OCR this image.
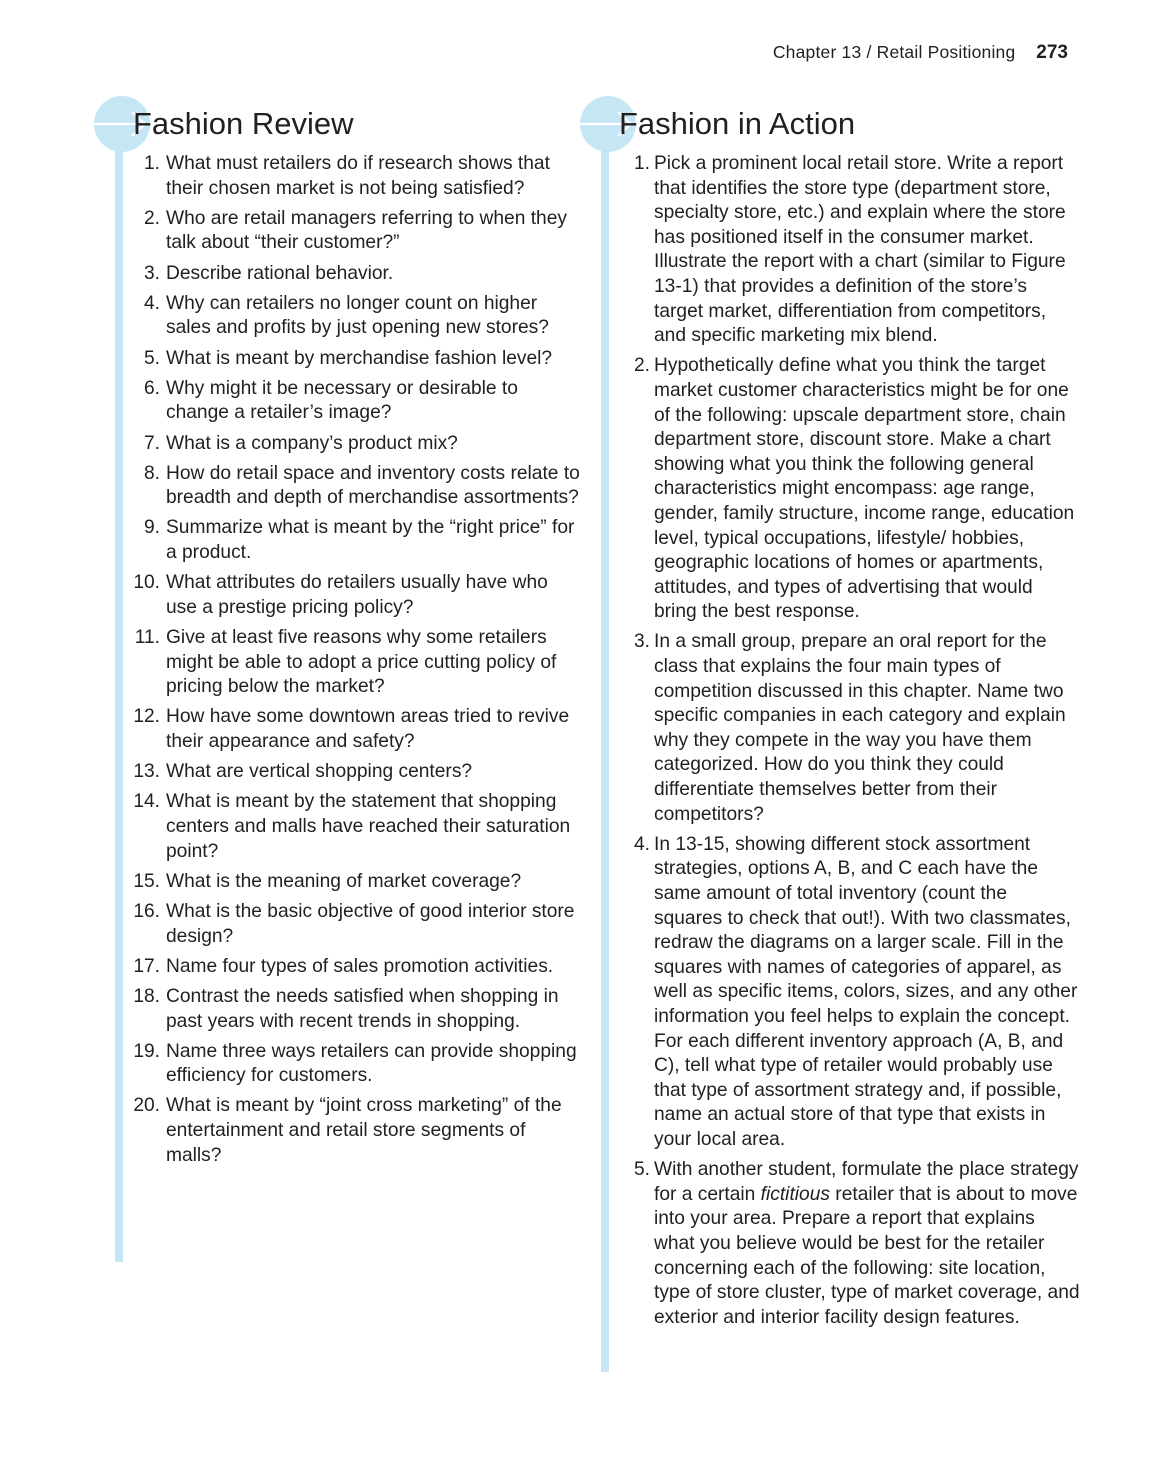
Chapter 13 / Retail Positioning 273
Fashion Review
1. What must retailers do if research shows that their chosen market is not being satisfied?
2. Who are retail managers referring to when they talk about “their customer?”
3. Describe rational behavior.
4. Why can retailers no longer count on higher sales and profits by just opening new stores?
5. What is meant by merchandise fashion level?
6. Why might it be necessary or desirable to change a retailer’s image?
7. What is a company’s product mix?
8. How do retail space and inventory costs relate to breadth and depth of merchandise assortments?
9. Summarize what is meant by the “right price” for a product.
10. What attributes do retailers usually have who use a prestige pricing policy?
11. Give at least five reasons why some retailers might be able to adopt a price cutting policy of pricing below the market?
12. How have some downtown areas tried to revive their appearance and safety?
13. What are vertical shopping centers?
14. What is meant by the statement that shopping centers and malls have reached their saturation point?
15. What is the meaning of market coverage?
16. What is the basic objective of good interior store design?
17. Name four types of sales promotion activities.
18. Contrast the needs satisfied when shopping in past years with recent trends in shopping.
19. Name three ways retailers can provide shopping efficiency for customers.
20. What is meant by “joint cross marketing” of the entertainment and retail store segments of malls?
Fashion in Action
1. Pick a prominent local retail store. Write a report that identifies the store type (department store, specialty store, etc.) and explain where the store has positioned itself in the consumer market. Illustrate the report with a chart (similar to Figure 13-1) that provides a definition of the store’s target market, differentiation from competitors, and specific marketing mix blend.
2. Hypothetically define what you think the target market customer characteristics might be for one of the following: upscale department store, chain department store, discount store. Make a chart showing what you think the following general characteristics might encompass: age range, gender, family structure, income range, education level, typical occupations, lifestyle/ hobbies, geographic locations of homes or apartments, attitudes, and types of advertising that would bring the best response.
3. In a small group, prepare an oral report for the class that explains the four main types of competition discussed in this chapter. Name two specific companies in each category and explain why they compete in the way you have them categorized. How do you think they could differentiate themselves better from their competitors?
4. In 13-15, showing different stock assortment strategies, options A, B, and C each have the same amount of total inventory (count the squares to check that out!). With two classmates, redraw the diagrams on a larger scale. Fill in the squares with names of categories of apparel, as well as specific items, colors, sizes, and any other information you feel helps to explain the concept. For each different inventory approach (A, B, and C), tell what type of retailer would probably use that type of assortment strategy and, if possible, name an actual store of that type that exists in your local area.
5. With another student, formulate the place strategy for a certain fictitious retailer that is about to move into your area. Prepare a report that explains what you believe would be best for the retailer concerning each of the following: site location, type of store cluster, type of market coverage, and exterior and interior facility design features.
